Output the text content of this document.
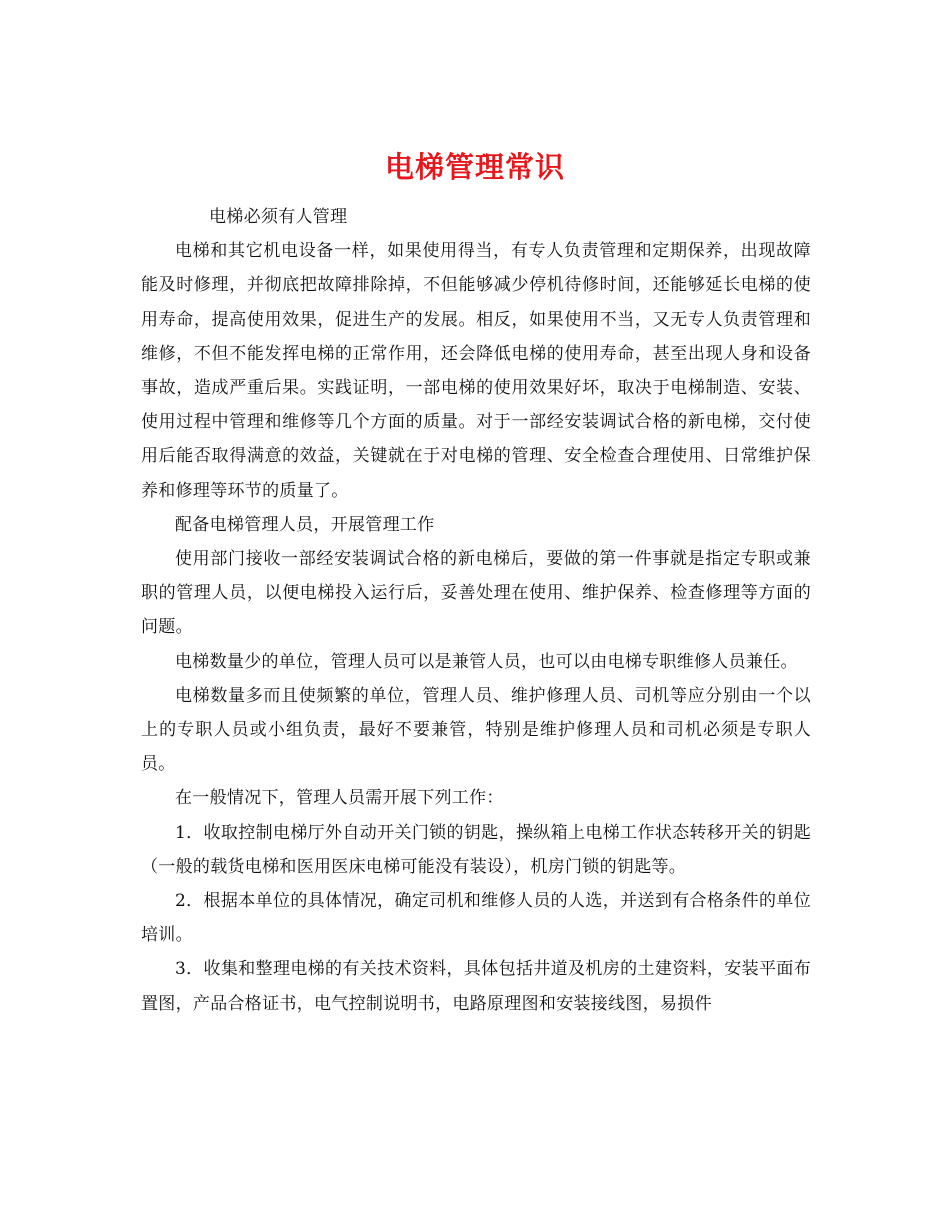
电梯管理常识

电梯必须有人管理

电梯和其它机电设备一样，如果使用得当，有专人负责管理和定期保养，出现故障能及时修理，并彻底把故障排除掉，不但能够减少停机待修时间，还能够延长电梯的使用寿命，提高使用效果，促进生产的发展。相反，如果使用不当，又无专人负责管理和维修，不但不能发挥电梯的正常作用，还会降低电梯的使用寿命，甚至出现人身和设备事故，造成严重后果。实践证明，一部电梯的使用效果好坏，取决于电梯制造、安装、使用过程中管理和维修等几个方面的质量。对于一部经安装调试合格的新电梯，交付使用后能否取得满意的效益，关键就在于对电梯的管理、安全检查合理使用、日常维护保养和修理等环节的质量了。

配备电梯管理人员，开展管理工作

使用部门接收一部经安装调试合格的新电梯后，要做的第一件事就是指定专职或兼职的管理人员，以便电梯投入运行后，妥善处理在使用、维护保养、检查修理等方面的问题。

电梯数量少的单位，管理人员可以是兼管人员，也可以由电梯专职维修人员兼任。

电梯数量多而且使频繁的单位，管理人员、维护修理人员、司机等应分别由一个以上的专职人员或小组负责，最好不要兼管，特别是维护修理人员和司机必须是专职人员。

在一般情况下，管理人员需开展下列工作：

1．收取控制电梯厅外自动开关门锁的钥匙，操纵箱上电梯工作状态转移开关的钥匙（一般的载货电梯和医用医床电梯可能没有装设），机房门锁的钥匙等。

2．根据本单位的具体情况，确定司机和维修人员的人选，并送到有合格条件的单位培训。

3．收集和整理电梯的有关技术资料，具体包括井道及机房的土建资料，安装平面布置图，产品合格证书，电气控制说明书，电路原理图和安装接线图，易损件
